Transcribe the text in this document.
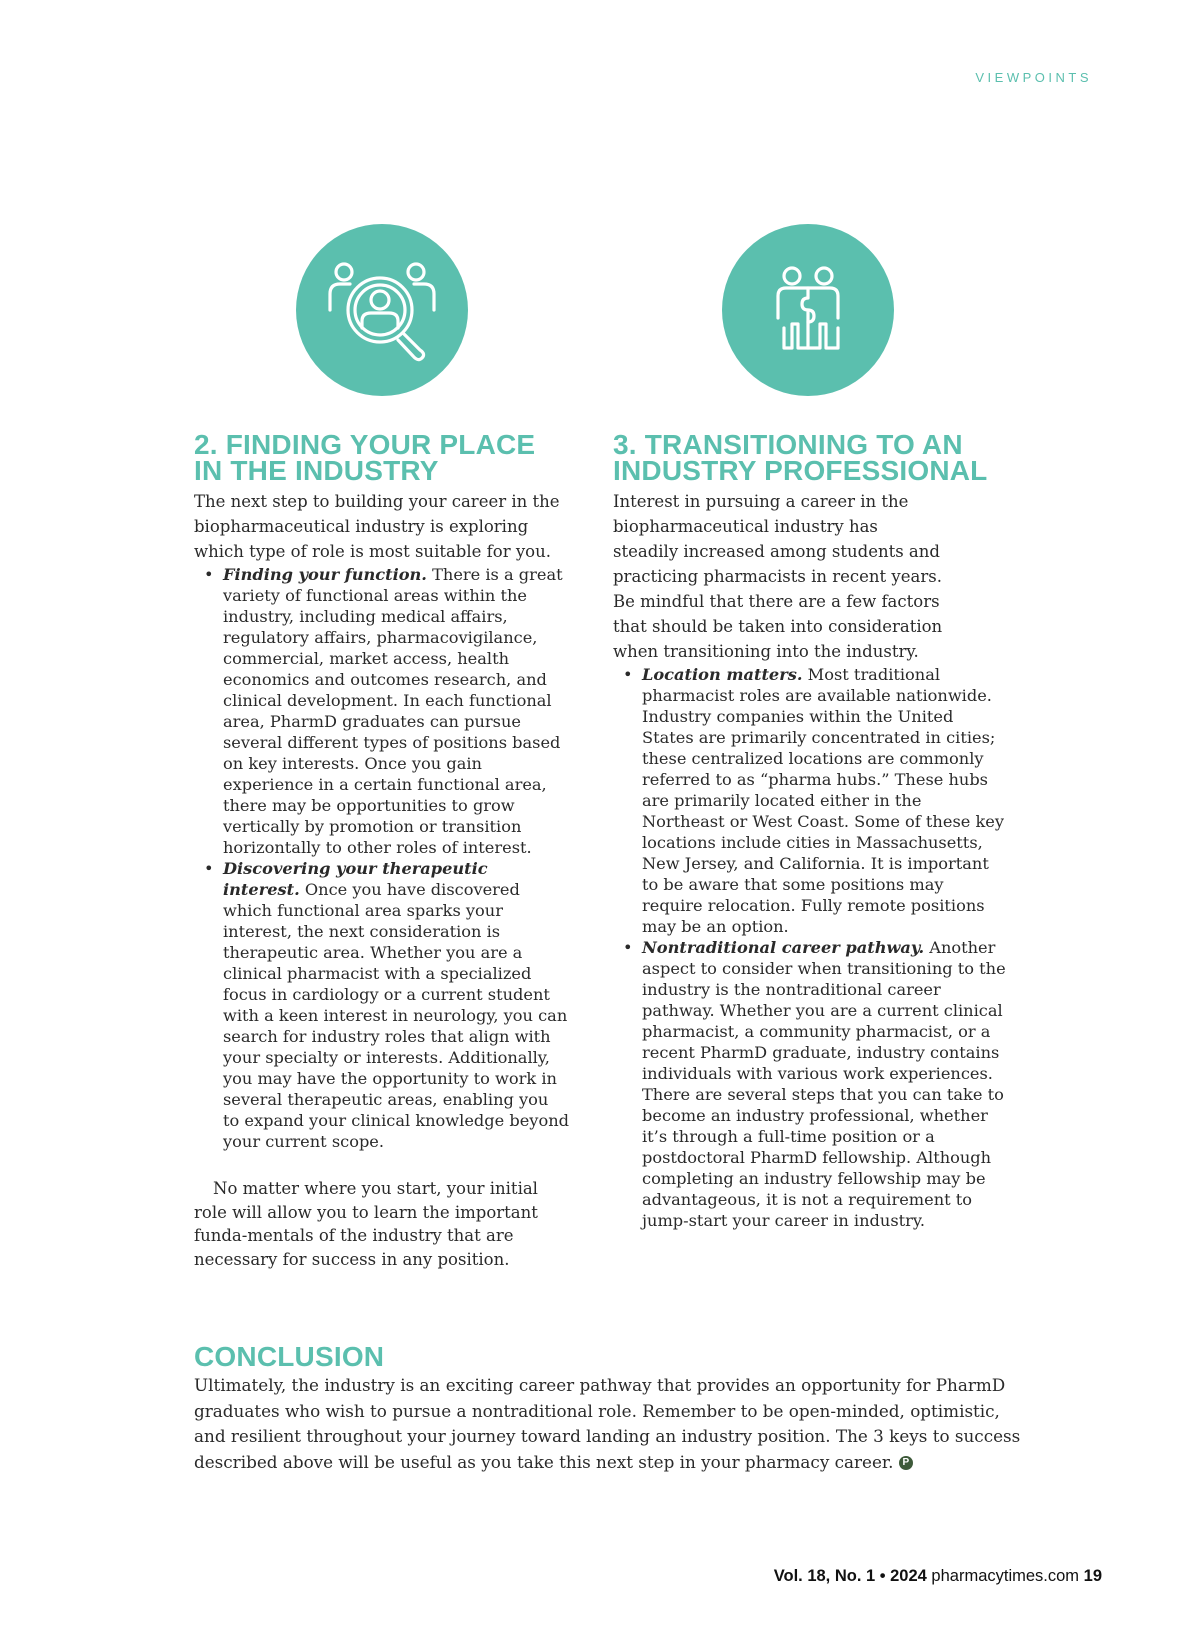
VIEWPOINTS
2. FINDING YOUR PLACE
IN THE INDUSTRY

The next step to building your career in the biopharmaceutical industry is exploring which type of role is most suitable for you.

• Finding your function. There is a great variety of functional areas within the industry, including medical affairs, regulatory affairs, pharmacovigilance, commercial, market access, health economics and outcomes research, and clinical development. In each functional area, PharmD graduates can pursue several different types of positions based on key interests. Once you gain experience in a certain functional area, there may be opportunities to grow vertically by promotion or transition horizontally to other roles of interest.
• Discovering your therapeutic interest. Once you have discovered which functional area sparks your interest, the next consideration is therapeutic area. Whether you are a clinical pharmacist with a specialized focus in cardiology or a current student with a keen interest in neurology, you can search for industry roles that align with your specialty or interests. Additionally, you may have the opportunity to work in several therapeutic areas, enabling you to expand your clinical knowledge beyond your current scope.

No matter where you start, your initial role will allow you to learn the important funda-mentals of the industry that are necessary for success in any position.

3. TRANSITIONING TO AN
INDUSTRY PROFESSIONAL

Interest in pursuing a career in the biopharmaceutical industry has steadily increased among students and practicing pharmacists in recent years. Be mindful that there are a few factors that should be taken into consideration when transitioning into the industry.

• Location matters. Most traditional pharmacist roles are available nationwide. Industry companies within the United States are primarily concentrated in cities; these centralized locations are commonly referred to as “pharma hubs.” These hubs are primarily located either in the Northeast or West Coast. Some of these key locations include cities in Massachusetts, New Jersey, and California. It is important to be aware that some positions may require relocation. Fully remote positions may be an option.
• Nontraditional career pathway. Another aspect to consider when transitioning to the industry is the nontraditional career pathway. Whether you are a current clinical pharmacist, a community pharmacist, or a recent PharmD graduate, industry contains individuals with various work experiences. There are several steps that you can take to become an industry professional, whether it’s through a full-time position or a postdoctoral PharmD fellowship. Although completing an industry fellowship may be advantageous, it is not a requirement to jump-start your career in industry.
CONCLUSION

Ultimately, the industry is an exciting career pathway that provides an opportunity for PharmD graduates who wish to pursue a nontraditional role. Remember to be open-minded, optimistic, and resilient throughout your journey toward landing an industry position. The 3 keys to success described above will be useful as you take this next step in your pharmacy career. P

Vol. 18, No. 1 • 2024 pharmacytimes.com 19
